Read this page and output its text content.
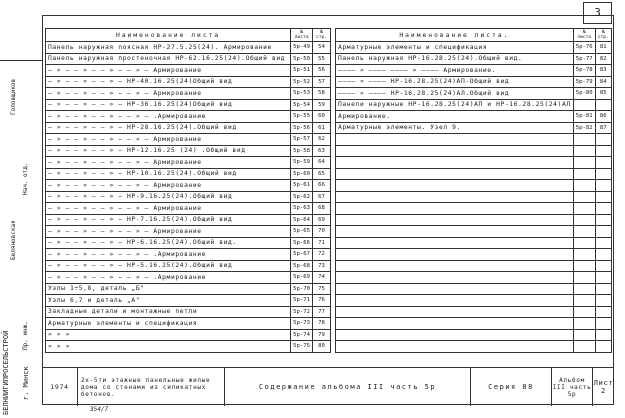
3
Наименование листа	№ листа	№ стр.
Панель наружная поясная НР-27.5.25(24). Армирование	5р-49	54
Панель наружная простеночная НР-62.16.25(24).Общий вид	5р-50	55
— » — — » — — » — — » — Армирование	5р-51	56
— » — — » — — » — НР-40.16.25(24)Общий вид	5р-52	57
— » — — » — — » — — » — Армирование	5р-53	58
— » — — » — — » — НР-36.16.25(24)Общий вид	5р-54	59
— » — — » — — » — — » — .Армирование	5р-55	60
— » — — » — — » — НР-28.16.25(24).Общий вид	5р-56	61
— » — — » — — » — — » — Армирование	5р-57	62
— » — — » — — » — НР-12.16.25 (24) .Общий вид	5р-58	63
— » — — » — — » — — » — Армирование	5р-59	64
— » — — » — — » — НР-10.16.25(24).Общий вид	5р-60	65
— » — — » — — » — — » — Армирование	5р-61	66
— » — — » — — » — НР-9.16.25(24).Общий вид	5р-62	67
— » — — » — — » — — » — Армирование	5р-63	68
— » — — » — — » — НР-7.16.25(24).Общий вид	5р-64	69
— » — — » — — » — — » — Армирование	5р-65	70
— » — — » — — » — НР-6.16.25(24).Общий вид.	5р-66	71
— » — — » — — » — — » — .Армирование	5р-67	72
— » — — » — — » — НР-5.16.25(24).Общий вид	5р-68	73
— » — — » — — » — — » — .Армирование	5р-69	74
Узлы 1÷5,8, деталь „Б"	5р-70	75
Узлы 6,7 и деталь „А"	5р-71	76
Закладные детали и монтажные петли	5р-72	77
Арматурные элементы и спецификация	5р-73	78
» » »	5р-74	79
» » »	5р-75	80
Наименование листа.	№ листа	№ стр.
Арматурные элементы и спецификация	5р-76	81
Панель наружная НР-16.28.25(24).Общий вид.	5р-77	82
———— » ———— ———— » ———— Армирование.	5р-78	83
———— » ———— НР-16.28.25(24)АП-Общий вид	5р-79	84
———— » ———— НР-16.28.25(24)АЛ.Общий вид	5р-80	85
Панели наружные НР-16.28.25(24)АП и НР-16.28.25(24)АЛ		
Армирование.	5р-81	86
Арматурные элементы. Узел 9.	5р-82	87

Головщиков
Нач. отд.
Беляновская
Пр. инж.
БЕЛНИИГИПРОСЕЛЬСТРОЙ г. Минск	1974
2х-5ти этажные панельные жилые дома со стенами из силикатных бетонов.
Содержание альбома III часть 5р	Серия 88
Альбом III часть 5р
Лист
2
354/7
